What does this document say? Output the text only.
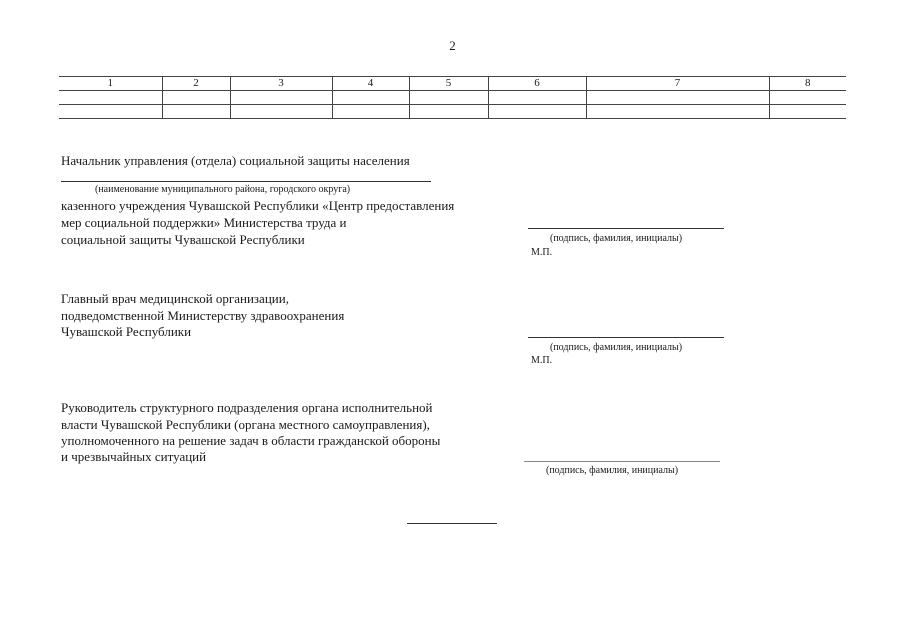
2
1	2	3	4	5	6	7	8

Начальник управления (отдела) социальной защиты населения
(наименование муниципального района, городского округа)
казенного учреждения Чувашской Республики «Центр предоставления
мер социальной поддержки» Министерства труда и
социальной защиты Чувашской Республики	(подпись, фамилия, инициалы)
М.П.
Главный врач медицинской организации,
подведомственной Министерству здравоохранения
Чувашской Республики
(подпись, фамилия, инициалы)
М.П.
Руководитель структурного подразделения органа исполнительной
власти Чувашской Республики (органа местного самоуправления),
уполномоченного на решение задач в области гражданской обороны
и чрезвычайных ситуаций
(подпись, фамилия, инициалы)
